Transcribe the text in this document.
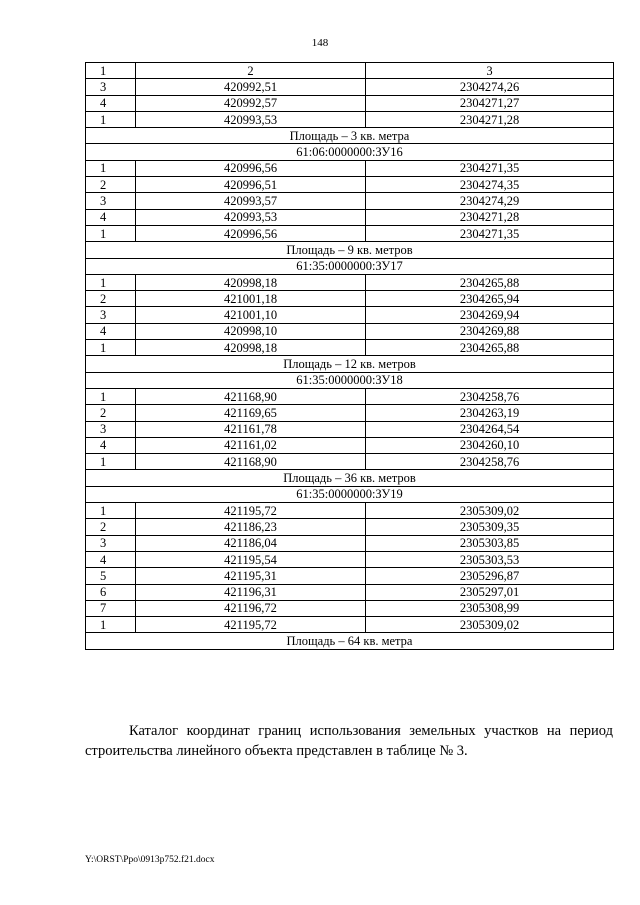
148
1	2	3
3	420992,51	2304274,26
4	420992,57	2304271,27
1	420993,53	2304271,28
Площадь – 3 кв. метра		
61:06:0000000:ЗУ16		
1	420996,56	2304271,35
2	420996,51	2304274,35
3	420993,57	2304274,29
4	420993,53	2304271,28
1	420996,56	2304271,35
Площадь – 9 кв. метров		
61:35:0000000:ЗУ17		
1	420998,18	2304265,88
2	421001,18	2304265,94
3	421001,10	2304269,94
4	420998,10	2304269,88
1	420998,18	2304265,88
Площадь – 12 кв. метров		
61:35:0000000:ЗУ18		
1	421168,90	2304258,76
2	421169,65	2304263,19
3	421161,78	2304264,54
4	421161,02	2304260,10
1	421168,90	2304258,76
Площадь – 36 кв. метров		
61:35:0000000:ЗУ19		
1	421195,72	2305309,02
2	421186,23	2305309,35
3	421186,04	2305303,85
4	421195,54	2305303,53
5	421195,31	2305296,87
6	421196,31	2305297,01
7	421196,72	2305308,99
1	421195,72	2305309,02
Площадь – 64 кв. метра		
Каталог координат границ использования земельных участков на период строительства линейного объекта представлен в таблице № 3.
Y:\ORST\Ppo\0913p752.f21.docx
